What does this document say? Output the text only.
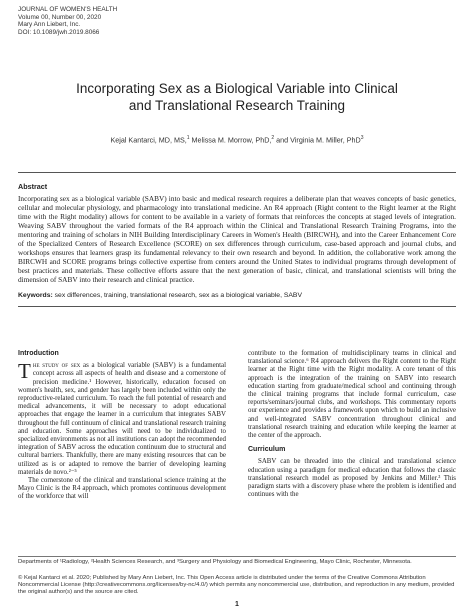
JOURNAL OF WOMEN'S HEALTH
Volume 00, Number 00, 2020
Mary Ann Liebert, Inc.
DOI: 10.1089/jwh.2019.8066
Incorporating Sex as a Biological Variable into Clinical
and Translational Research Training
Kejal Kantarci, MD, MS,$^1$ Melissa M. Morrow, PhD,$^2$ and Virginia M. Miller, PhD$^3$
Abstract
Incorporating sex as a biological variable (SABV) into basic and medical research requires a deliberate plan that weaves concepts of basic genetics, cellular and molecular physiology, and pharmacology into translational medicine. An R4 approach (Right content to the Right learner at the Right time with the Right modality) allows for content to be available in a variety of formats that reinforces the concepts at staged levels of integration. Weaving SABV throughout the varied formats of the R4 approach within the Clinical and Translational Research Training Programs, into the mentoring and training of scholars in NIH Building Interdisciplinary Careers in Women's Health (BIRCWH), and into the Career Enhancement Core of the Specialized Centers of Research Excellence (SCORE) on sex differences through curriculum, case-based approach and journal clubs, and workshops ensures that learners grasp its fundamental relevancy to their own research and beyond. In addition, the collaborative work among the BIRCWH and SCORE programs brings collective expertise from centers around the United States to individual programs through development of best practices and materials. These collective efforts assure that the next generation of basic, clinical, and translational scientists will bring the dimension of SABV into their research and clinical practice.
Keywords: sex differences, training, translational research, sex as a biological variable, SABV
Introduction

The study of sex as a biological variable (SABV) is a fundamental concept across all aspects of health and disease and a cornerstone of precision medicine.¹ However, historically, education focused on women's health, sex, and gender has largely been included within only the reproductive-related curriculum. To reach the full potential of research and medical advancements, it will be necessary to adopt educational approaches that engage the learner in a curriculum that integrates SABV throughout the full continuum of clinical and translational research training and education. Some approaches will need to be individualized to specialized environments as not all institutions can adopt the recommended integration of SABV across the education continuum due to structural and cultural barriers. Thankfully, there are many existing resources that can be utilized as is or adapted to remove the barrier of developing learning materials de novo.²⁻⁵

The cornerstone of the clinical and translational science training at the Mayo Clinic is the R4 approach, which promotes continuous development of the workforce that will

contribute to the formation of multidisciplinary teams in clinical and translational science.⁶ R4 approach delivers the Right content to the Right learner at the Right time with the Right modality. A core tenant of this approach is the integration of the training on SABV into research education starting from graduate/medical school and continuing through the clinical training programs that include formal curriculum, case reports/seminars/journal clubs, and workshops. This commentary reports our experience and provides a framework upon which to build an inclusive and well-integrated SABV concentration throughout clinical and translational research training and education while keeping the learner at the center of the approach.

Curriculum

SABV can be threaded into the clinical and translational science education using a paradigm for medical education that follows the classic translational research model as proposed by Jenkins and Miller.³ This paradigm starts with a discovery phase where the problem is identified and continues with the

Departments of ¹Radiology, ²Health Sciences Research, and ³Surgery and Physiology and Biomedical Engineering, Mayo Clinic, Rochester, Minnesota.
© Kejal Kantarci et al. 2020; Published by Mary Ann Liebert, Inc. This Open Access article is distributed under the terms of the Creative Commons Attribution Noncommercial License (http://creativecommons.org/licenses/by-nc/4.0/) which permits any noncommercial use, distribution, and reproduction in any medium, provided the original author(s) and the source are cited.
1
